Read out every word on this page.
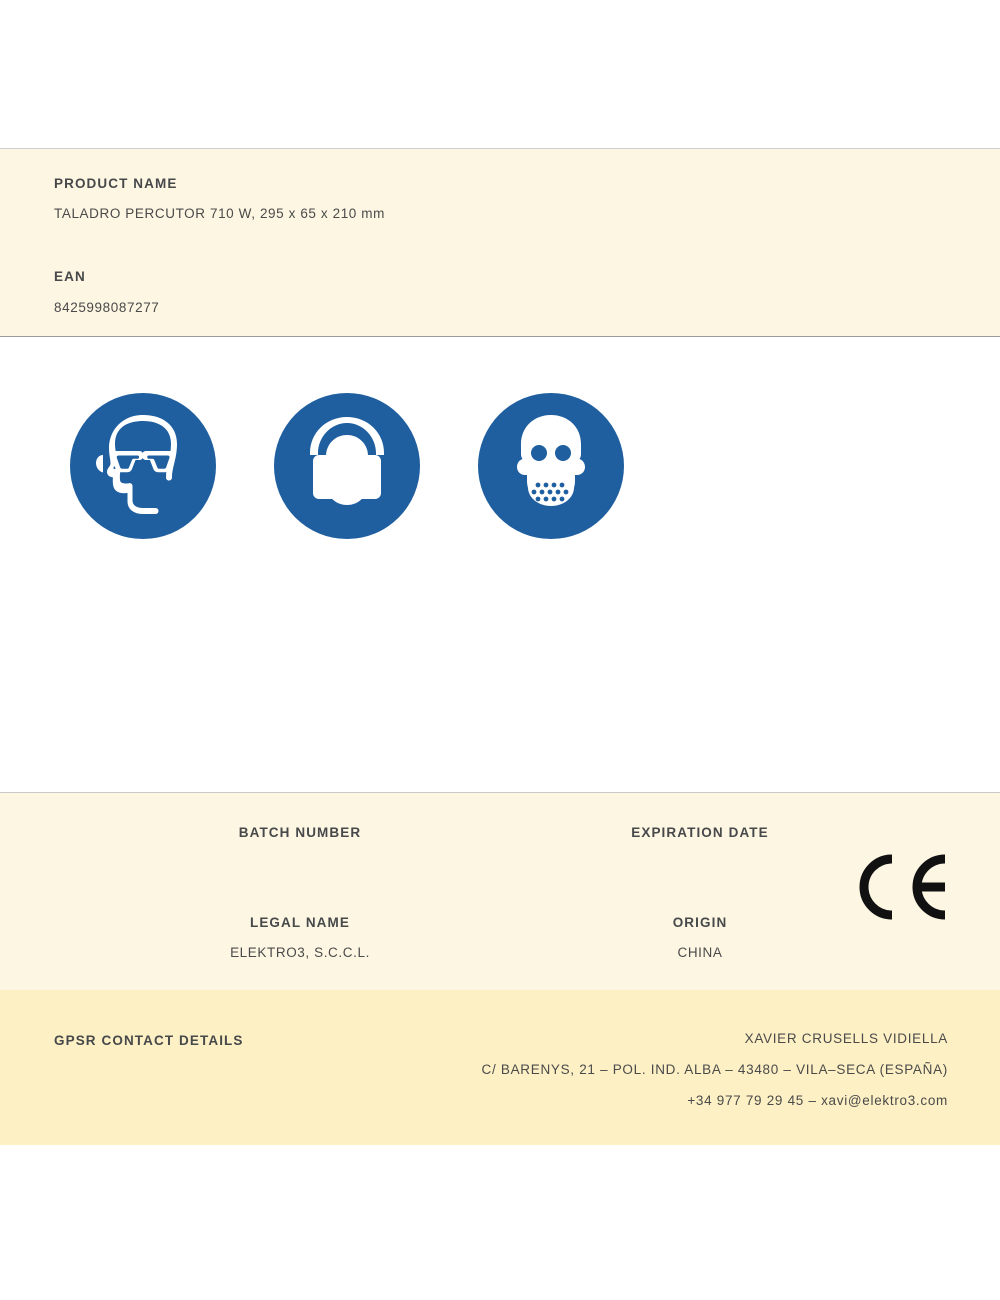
PRODUCT NAME
TALADRO PERCUTOR 710 W, 295 x 65 x 210 mm
EAN
8425998087277
BATCH NUMBER	EXPIRATION DATE
LEGAL NAME
ELEKTRO3, S.C.C.L.
ORIGIN
CHINA
GPSR CONTACT DETAILS	XAVIER CRUSELLS VIDIELLA
C/ BARENYS, 21 – POL. IND. ALBA – 43480 – VILA–SECA (ESPAÑA)
+34 977 79 29 45 – xavi@elektro3.com
